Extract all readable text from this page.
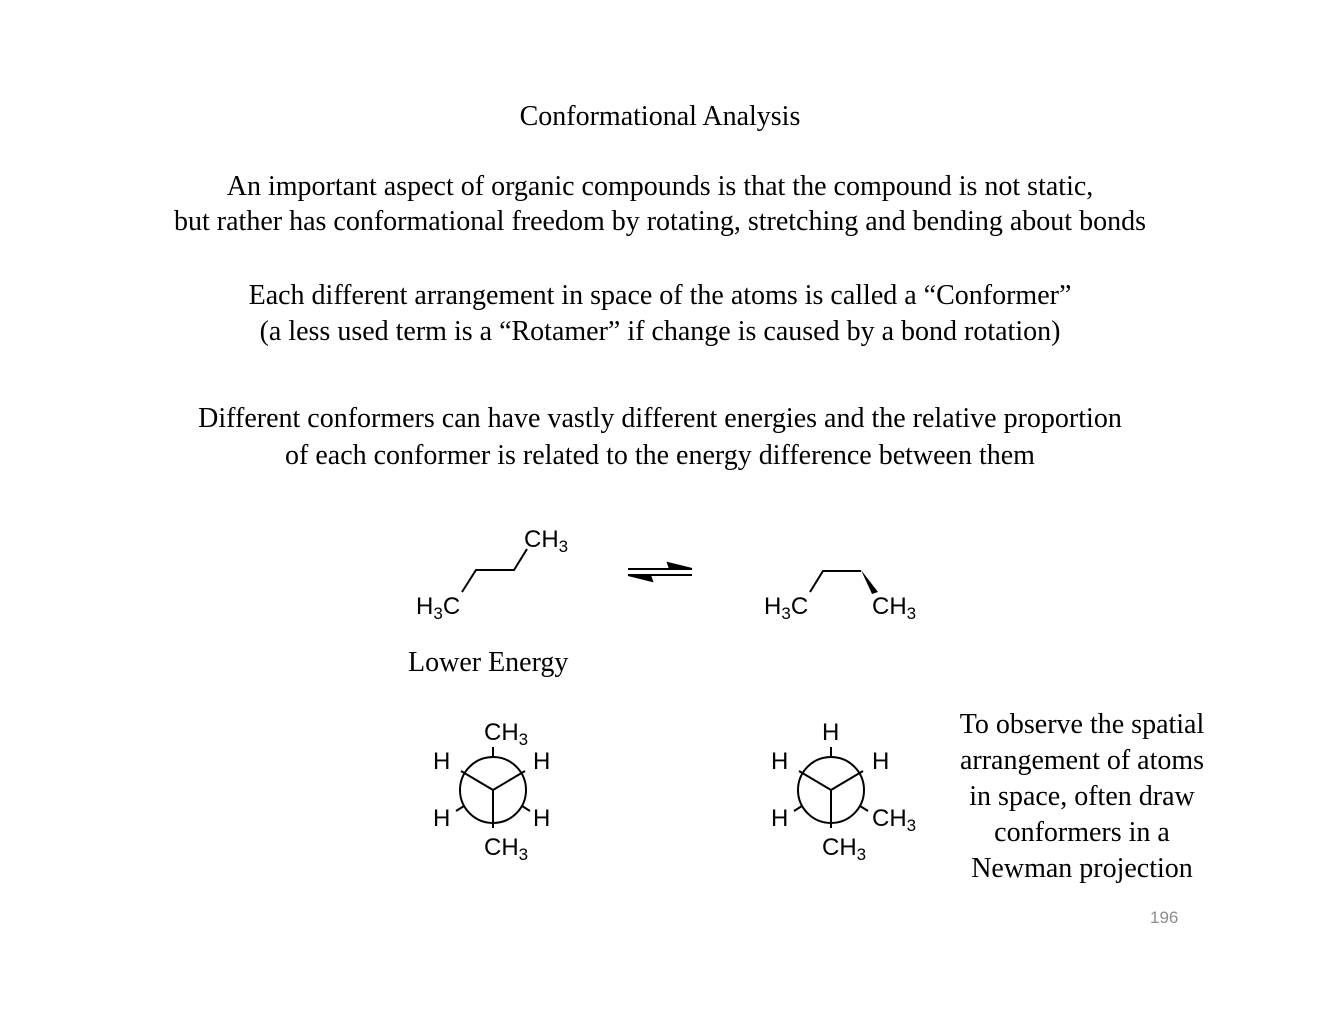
Conformational Analysis
An important aspect of organic compounds is that the compound is not static,
but rather has conformational freedom by rotating, stretching and bending about bonds
Each different arrangement in space of the atoms is called a “Conformer”
(a less used term is a “Rotamer” if change is caused by a bond rotation)
Different conformers can have vastly different energies and the relative proportion
of each conformer is related to the energy difference between them
$CH_3$
$H_3C$	$H_3C$	$CH_3$
$CH_3$
H	H
H	H
$CH_3$
H
H	H
H	$CH_3$
$CH_3$
Lower Energy
To observe the spatial
arrangement of atoms
in space, often draw
conformers in a
Newman projection
196
